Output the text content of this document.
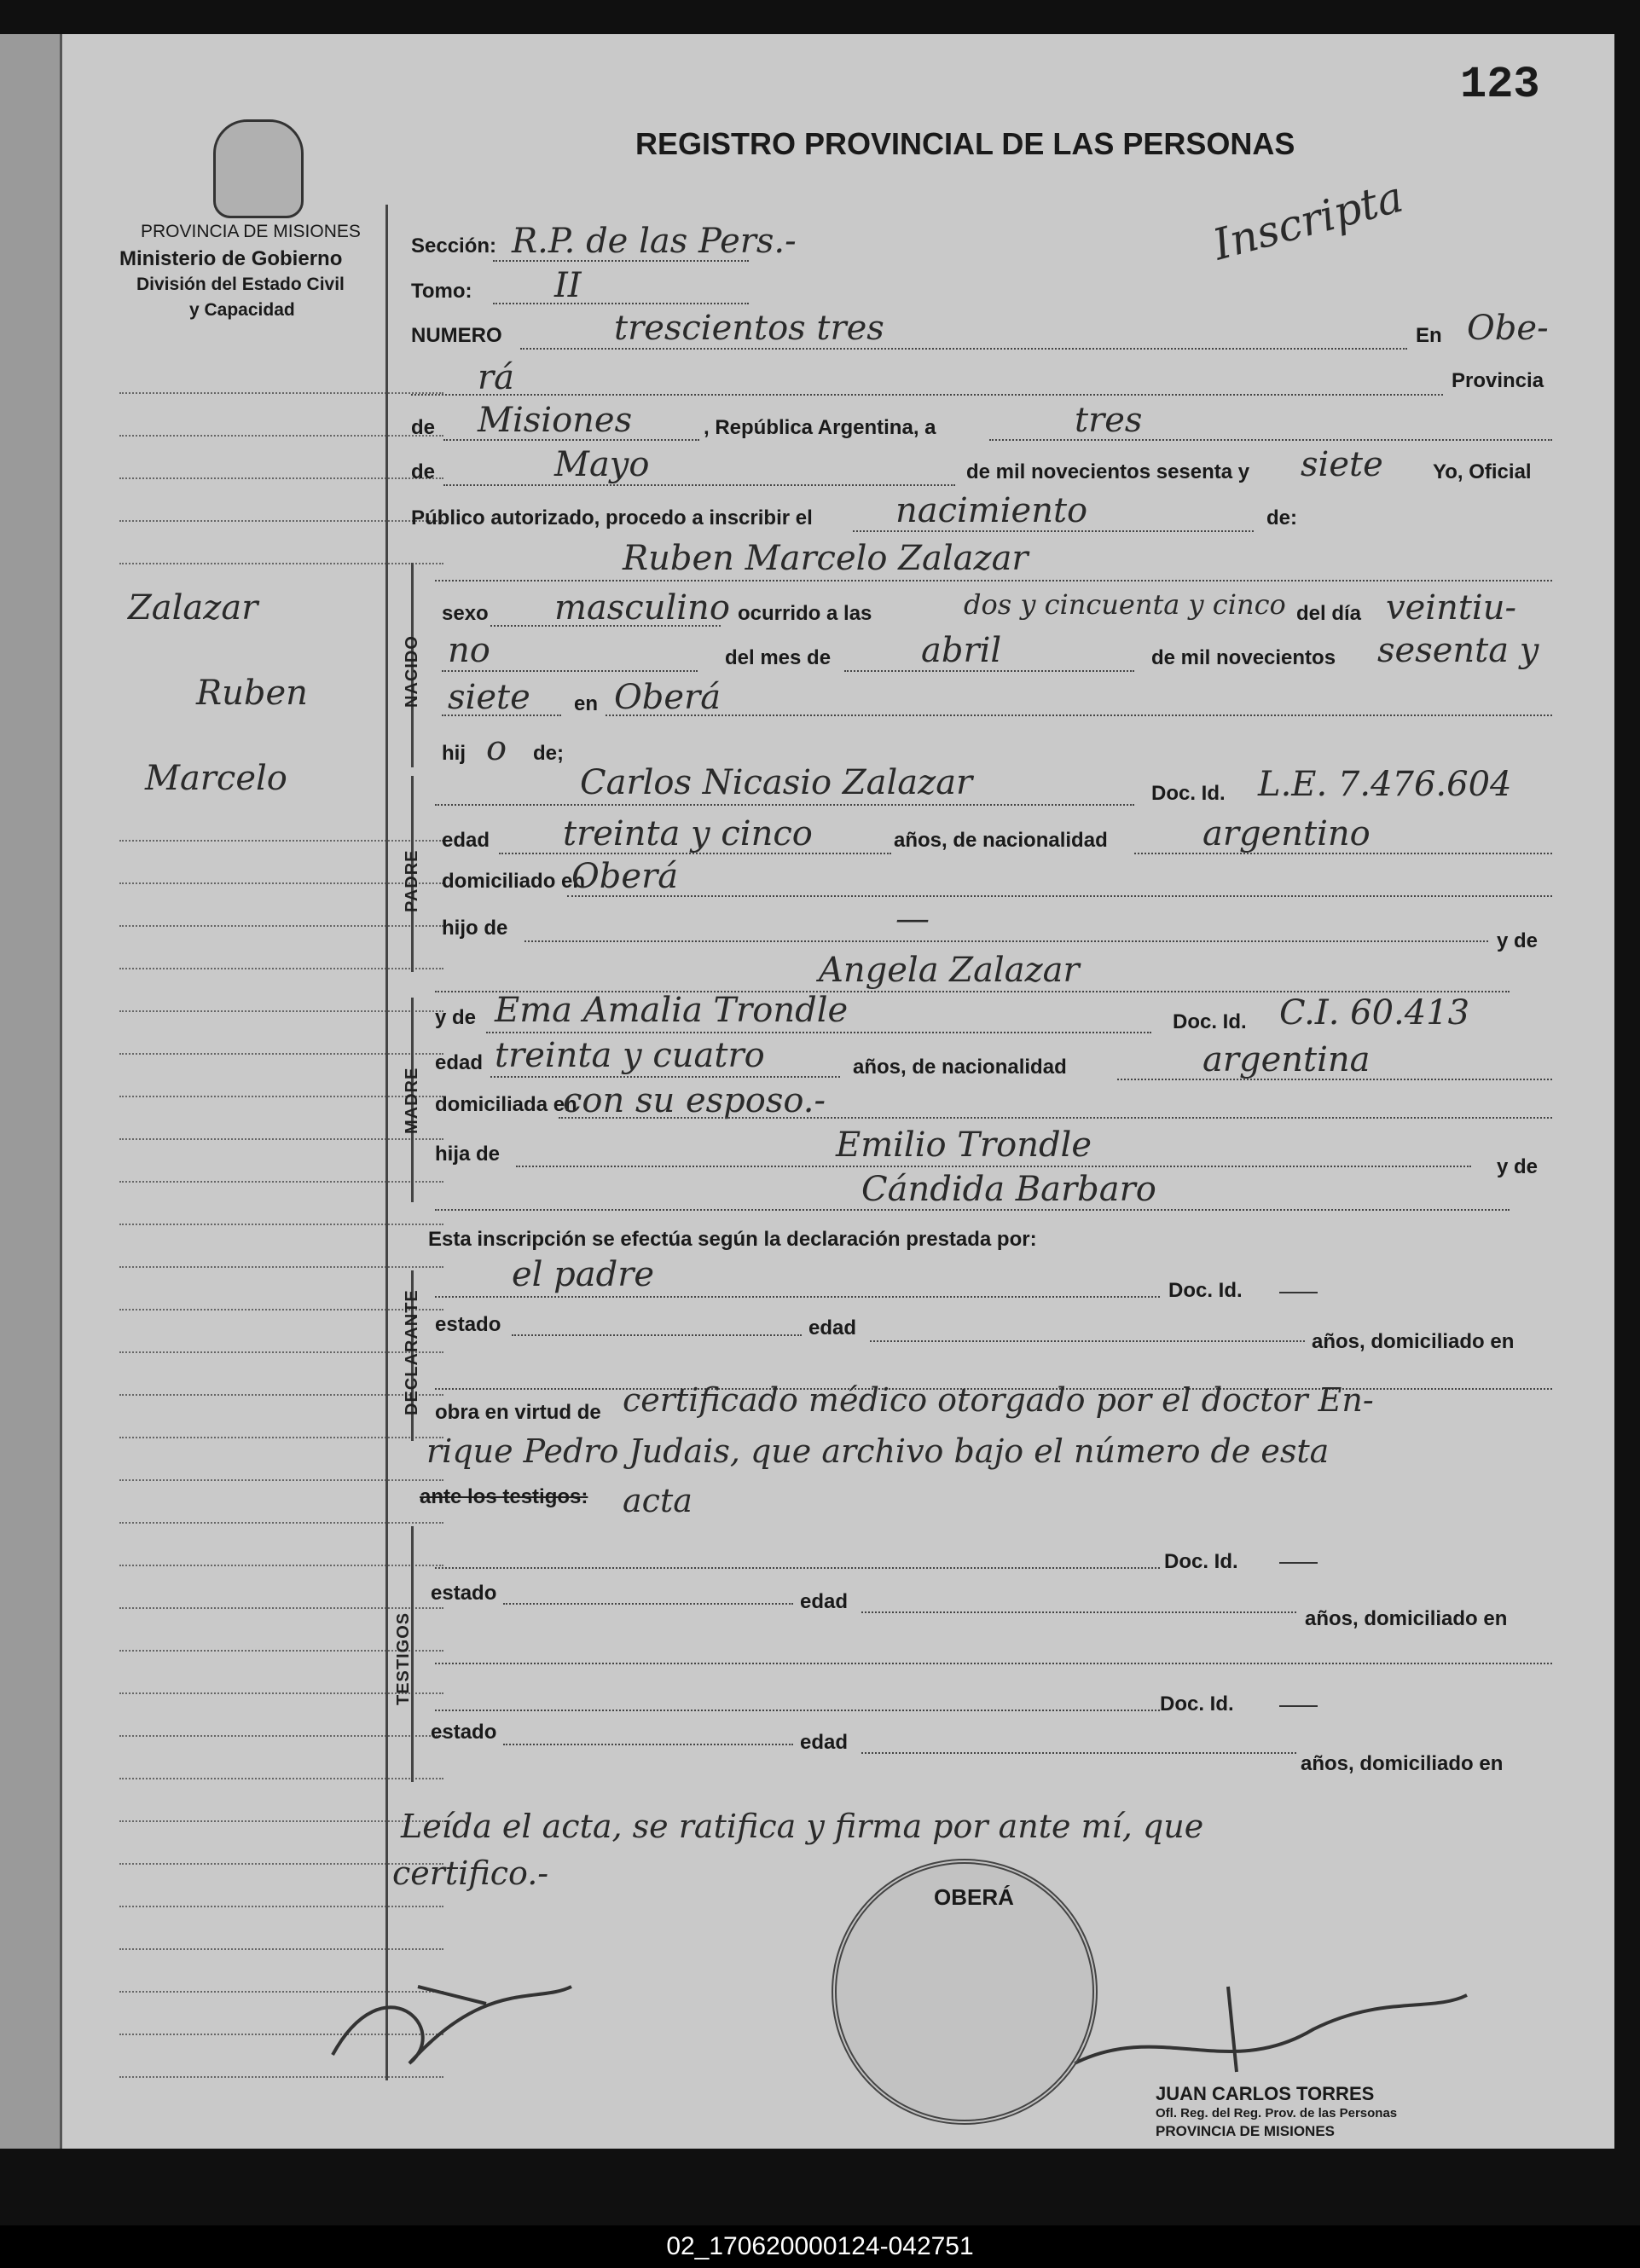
123
REGISTRO PROVINCIAL DE LAS PERSONAS
PROVINCIA DE MISIONES
Ministerio de Gobierno
División del Estado Civil
y Capacidad
Inscripta
Zalazar
Ruben
Marcelo
Sección: R.P. de las Pers.-
Tomo: II
NUMERO	trescientos tres	En Obe-
rá	Provincia
de Misiones	, República Argentina, a	tres
de	Mayo	de mil novecientos sesenta y siete Yo, Oficial
Público autorizado, procedo a inscribir el nacimiento	de:
NACIDO
Ruben Marcelo Zalazar
sexo masculino ocurrido a las	dos y cincuenta y cinco del día veintiu-
no	del mes de	abril	de mil novecientos sesenta y
siete en Oberá
hij o de;
PADRE
Carlos Nicasio Zalazar	Doc. Id. L.E. 7.476.604
edad treinta y cinco	años, de nacionalidad	argentino
domiciliado en
Oberá
hijo de	—
y de
Angela Zalazar
MADRE
y de Ema Amalia Trondle	Doc. Id. C.I. 60.413
edad treinta y cuatro	años, de nacionalidad	argentina
domiciliada en
con su esposo.-
hija de	Emilio Trondle
y de
Cándida Barbaro
Esta inscripción se efectúa según la declaración prestada por:
DECLARANTE
el padre	Doc. Id.
estado	edad
años, domiciliado en
obra en virtud de certificado médico otorgado por el doctor En-
rique Pedro Judais, que archivo bajo el número de esta
ante los testigos: acta
TESTIGOS
Doc. Id.
estado	edad
años, domiciliado en
Doc. Id.
estado	edad
años, domiciliado en
Leída el acta, se ratifica y firma por ante mí, que
certifico.-
OBERÁ
JUAN CARLOS TORRES
Ofl. Reg. del Reg. Prov. de las Personas
PROVINCIA DE MISIONES
02_170620000124-042751
